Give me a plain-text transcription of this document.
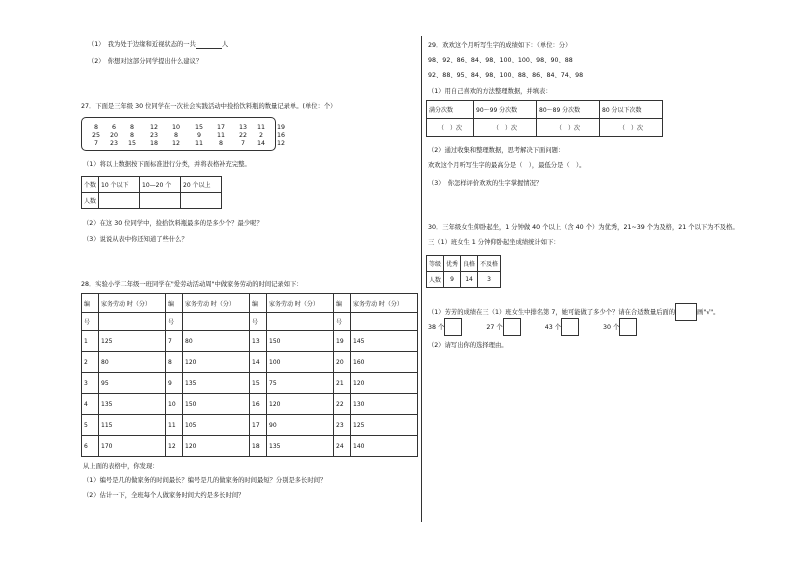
（1）　我为处于边缘和近视状态的一共	人
（2）　你想对这部分同学提出什么建议？
27．下面是三年级 30 位同学在一次社会实践活动中捡拾饮料瓶的数量记录单。(单位：个）
8	6	8	12	10	15	17	13	11	19
25	20	8	23	8	9	11	22	2	16
7	23	15	18	12	11	8	7	14	12
（1）将以上数据按下面标准进行分类，并将表格补充完整。
个数	10 个以下	10—20 个	20 个以上
人数			
（2）在这 30 位同学中，捡拾饮料瓶最多的是多少个？最少呢？
（3）说说从表中你还知道了些什么？
28．实验小学二年级一班同学在"爱劳动活动周"中做家务劳动的时间记录如下：
编	家务劳动 时（分）	编	家务劳动 时（分）	编	家务劳动 时（分）	编	家务劳动 时（分）
号		号		号		号	
1	125	7	80	13	150	19	145
2	80	8	120	14	100	20	160
3	95	9	135	15	75	21	120
4	135	10	150	16	120	22	130
5	115	11	105	17	90	23	125
6	170	12	120	18	135	24	140
从上面的表格中，你发现：
（1）编号是几的做家务的时间最长？编号是几的做家务的时间最短？分别是多长时间？
（2）估计一下，全班每个人做家务时间大约是多长时间？
29．欢欢这个月听写生字的成绩如下：（单位：分）
98、92、86、84、98、100、100、98、90、88
92、88、95、84、98、100、88、86、84、74、98
（1）用自己喜欢的方法整理数据，并填表：
满分次数	90～99 分次数	80～89 分次数	80 分以下次数
（　）次	（　）次	（　）次	（　）次
（2）通过收集和整理数据，思考解决下面问题：
欢欢这个月听写生字的最高分是（　），最低分是（　）。
（3）　你怎样评价欢欢的生字掌握情况？
30．三年级女生仰卧起坐，1 分钟做 40 个以上（含 40 个）为优秀，21~39 个为及格，21 个以下为不及格。
三（1）班女生 1 分钟仰卧起坐成绩统计如下：
等级	优秀	良格	不及格
人数	9	14	3
（1）芳芳的成绩在三（1）班女生中排名第 7，她可能做了多少个？请在合适数量后面的	画"√"。
38 个	27 个	43 个	30 个
（2）请写出你的选择理由。
